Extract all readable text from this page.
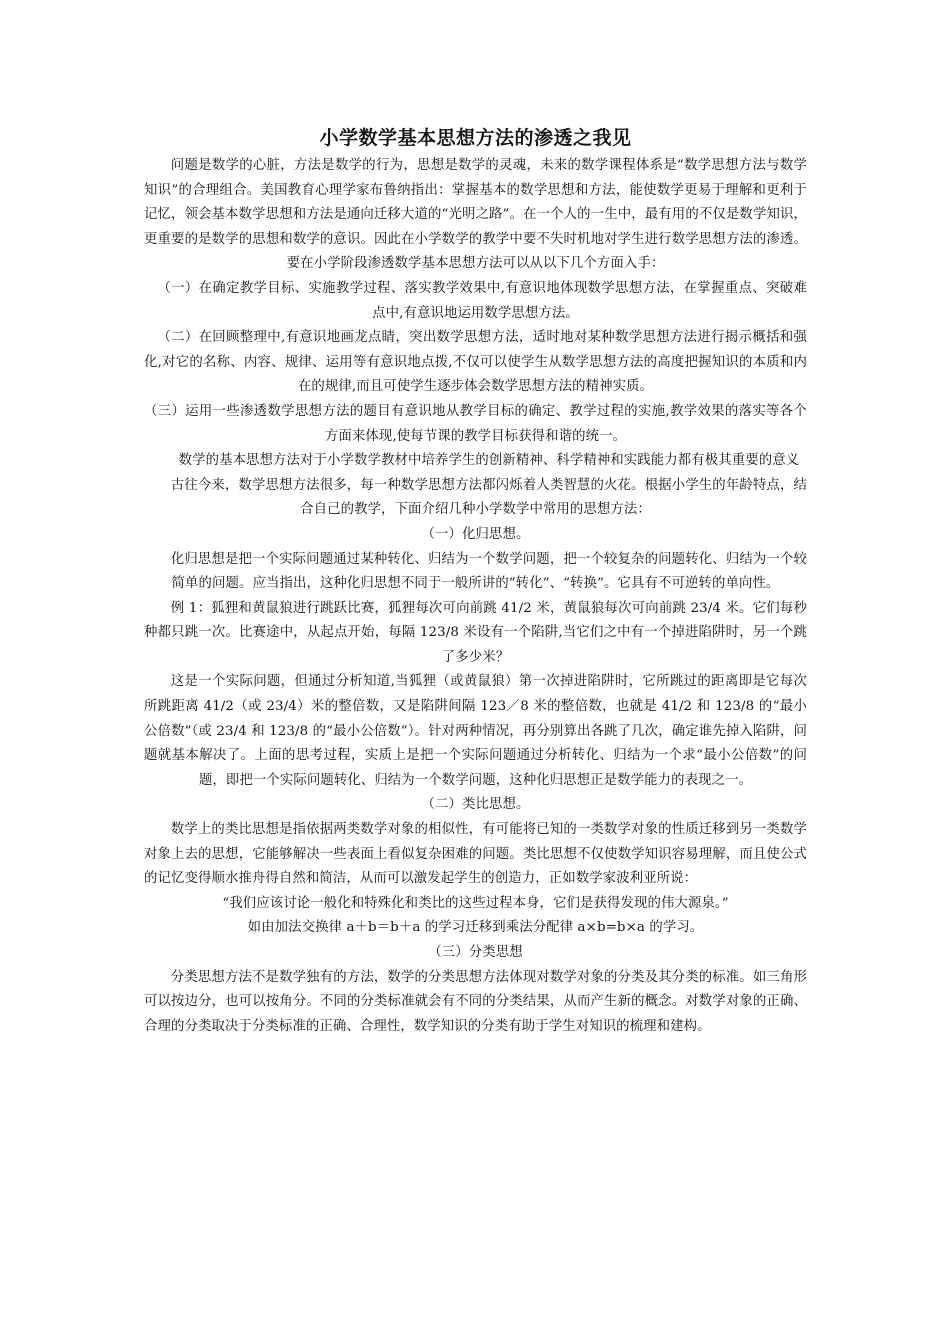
小学数学基本思想方法的渗透之我见

问题是数学的心脏，方法是数学的行为，思想是数学的灵魂，未来的数学课程体系是“数学思想方法与数学知识”的合理组合。美国教育心理学家布鲁纳指出：掌握基本的数学思想和方法，能使数学更易于理解和更利于记忆，领会基本数学思想和方法是通向迁移大道的“光明之路”。在一个人的一生中，最有用的不仅是数学知识，更重要的是数学的思想和数学的意识。因此在小学数学的教学中要不失时机地对学生进行数学思想方法的渗透。要在小学阶段渗透数学基本思想方法可以从以下几个方面入手：

（一）在确定教学目标、实施教学过程、落实教学效果中,有意识地体现数学思想方法，在掌握重点、突破难点中,有意识地运用数学思想方法。

（二）在回顾整理中,有意识地画龙点睛，突出数学思想方法，适时地对某种数学思想方法进行揭示概括和强化,对它的名称、内容、规律、运用等有意识地点拨,不仅可以使学生从数学思想方法的高度把握知识的本质和内在的规律,而且可使学生逐步体会数学思想方法的精神实质。

（三）运用一些渗透数学思想方法的题目有意识地从教学目标的确定、教学过程的实施,教学效果的落实等各个方面来体现,使每节课的教学目标获得和谐的统一。

数学的基本思想方法对于小学数学教材中培养学生的创新精神、科学精神和实践能力都有极其重要的意义

古往今来，数学思想方法很多，每一种数学思想方法都闪烁着人类智慧的火花。根据小学生的年龄特点，结合自己的教学，下面介绍几种小学数学中常用的思想方法：

（一）化归思想。

化归思想是把一个实际问题通过某种转化、归结为一个数学问题，把一个较复杂的问题转化、归结为一个较简单的问题。应当指出，这种化归思想不同于一般所讲的“转化”、“转换”。它具有不可逆转的单向性。

例 1：狐狸和黄鼠狼进行跳跃比赛，狐狸每次可向前跳 41/2 米，黄鼠狼每次可向前跳 23/4 米。它们每秒种都只跳一次。比赛途中，从起点开始，每隔 123/8 米设有一个陷阱,当它们之中有一个掉进陷阱时，另一个跳了多少米？

这是一个实际问题，但通过分析知道,当狐狸（或黄鼠狼）第一次掉进陷阱时，它所跳过的距离即是它每次所跳距离 41/2（或 23/4）米的整倍数，又是陷阱间隔 123／8 米的整倍数，也就是 41/2 和 123/8 的“最小公倍数”（或 23/4 和 123/8 的“最小公倍数”）。针对两种情况，再分别算出各跳了几次，确定谁先掉入陷阱，问题就基本解决了。上面的思考过程，实质上是把一个实际问题通过分析转化、归结为一个求“最小公倍数”的问题，即把一个实际问题转化、归结为一个数学问题，这种化归思想正是数学能力的表现之一。

（二）类比思想。

数学上的类比思想是指依据两类数学对象的相似性，有可能将已知的一类数学对象的性质迁移到另一类数学对象上去的思想，它能够解决一些表面上看似复杂困难的问题。类比思想不仅使数学知识容易理解，而且使公式的记忆变得顺水推舟得自然和简洁，从而可以激发起学生的创造力，正如数学家波利亚所说：

“我们应该讨论一般化和特殊化和类比的这些过程本身，它们是获得发现的伟大源泉。”

如由加法交换律 a＋b＝b＋a 的学习迁移到乘法分配律 a×b=b×a 的学习。

（三）分类思想

分类思想方法不是数学独有的方法，数学的分类思想方法体现对数学对象的分类及其分类的标准。如三角形可以按边分，也可以按角分。不同的分类标准就会有不同的分类结果，从而产生新的概念。对数学对象的正确、合理的分类取决于分类标准的正确、合理性，数学知识的分类有助于学生对知识的梳理和建构。
